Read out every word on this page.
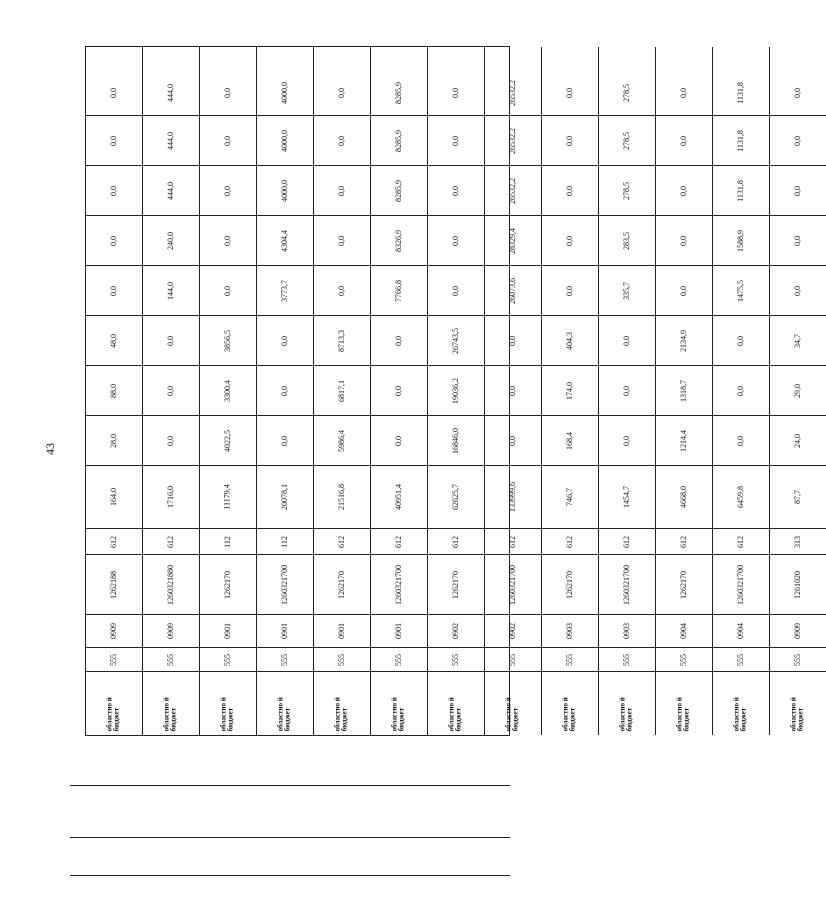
43
областно й бюджет
555
0909
1262188
612
164,0
28,0
88,0
48,0
0,0
0,0
0,0
0,0
0,0
областно й бюджет
555
0909
1260321880
612
1716,0
0,0
0,0
0,0
144,0
240,0
444,0
444,0
444,0
областно й бюджет
555
0901
1262170
112
11179,4
4022,5
3300,4
3856,5
0,0
0,0
0,0
0,0
0,0
областно й бюджет
555
0901
1260321700
112
20078,1
0,0
0,0
0,0
3773,7
4304,4
4000,0
4000,0
4000,0
областно й бюджет
555
0901
1262170
612
21516,8
5986,4
6817,1
8713,3
0,0
0,0
0,0
0,0
0,0
областно й бюджет
555
0901
1260321700
612
40951,4
0,0
0,0
0,0
7766,8
8326,9
8285,9
8285,9
8285,9
областно й бюджет
555
0902
1262170
612
62625,7
16846,0
19036,2
26743,5
0,0
0,0
0,0
0,0
0,0
областно й бюджет
555
0902
1260321700
612
133999,6
0,0
0,0
0,0
26073,6
28329,4
26532,2
26532,2
26532,2
областно й бюджет
555
0903
1262170
612
746,7
168,4
174,0
404,3
0,0
0,0
0,0
0,0
0,0
областно й бюджет
555
0903
1260321700
612
1454,7
0,0
0,0
0,0
335,7
283,5
278,5
278,5
278,5
областно й бюджет
555
0904
1262170
612
4668,0
1214,4
1318,7
2134,9
0,0
0,0
0,0
0,0
0,0
областно й бюджет
555
0904
1260321700
612
6459,8
0,0
0,0
0,0
1475,5
1588,9
1131,8
1131,8
1131,8
областно й бюджет
555
0909
1261020
313
87,7
24,0
29,0
34,7
0,0
0,0
0,0
0,0
0,0
